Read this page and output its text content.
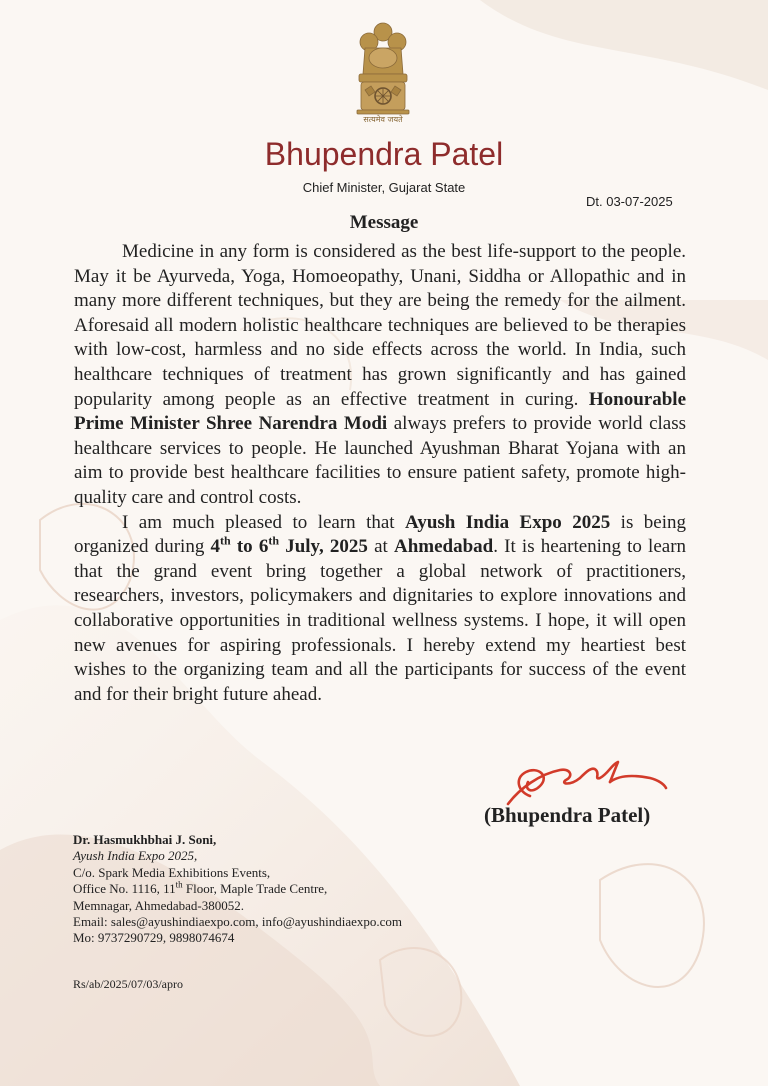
सत्यमेव जयते
Bhupendra Patel
Chief Minister, Gujarat State
Dt. 03-07-2025
Message

Medicine in any form is considered as the best life-support to the people. May it be Ayurveda, Yoga, Homoeopathy, Unani, Siddha or Allopathic and in many more different techniques, but they are being the remedy for the ailment. Aforesaid all modern holistic healthcare techniques are believed to be therapies with low-cost, harmless and no side effects across the world. In India, such healthcare techniques of treatment has grown significantly and has gained popularity among people as an effective treatment in curing. Honourable Prime Minister Shree Narendra Modi always prefers to provide world class healthcare services to people. He launched Ayushman Bharat Yojana with an aim to provide best healthcare facilities to ensure patient safety, promote high-quality care and control costs.

I am much pleased to learn that Ayush India Expo 2025 is being organized during 4th to 6th July, 2025 at Ahmedabad. It is heartening to learn that the grand event bring together a global network of practitioners, researchers, investors, policymakers and dignitaries to explore innovations and collaborative opportunities in traditional wellness systems. I hope, it will open new avenues for aspiring professionals. I hereby extend my heartiest best wishes to the organizing team and all the participants for success of the event and for their bright future ahead.

(Bhupendra Patel)
Dr. Hasmukhbhai J. Soni,
Ayush India Expo 2025,
C/o. Spark Media Exhibitions Events,
Office No. 1116, 11th Floor, Maple Trade Centre,
Memnagar, Ahmedabad-380052.
Email: sales@ayushindiaexpo.com, info@ayushindiaexpo.com
Mo: 9737290729, 9898074674
Rs/ab/2025/07/03/apro
